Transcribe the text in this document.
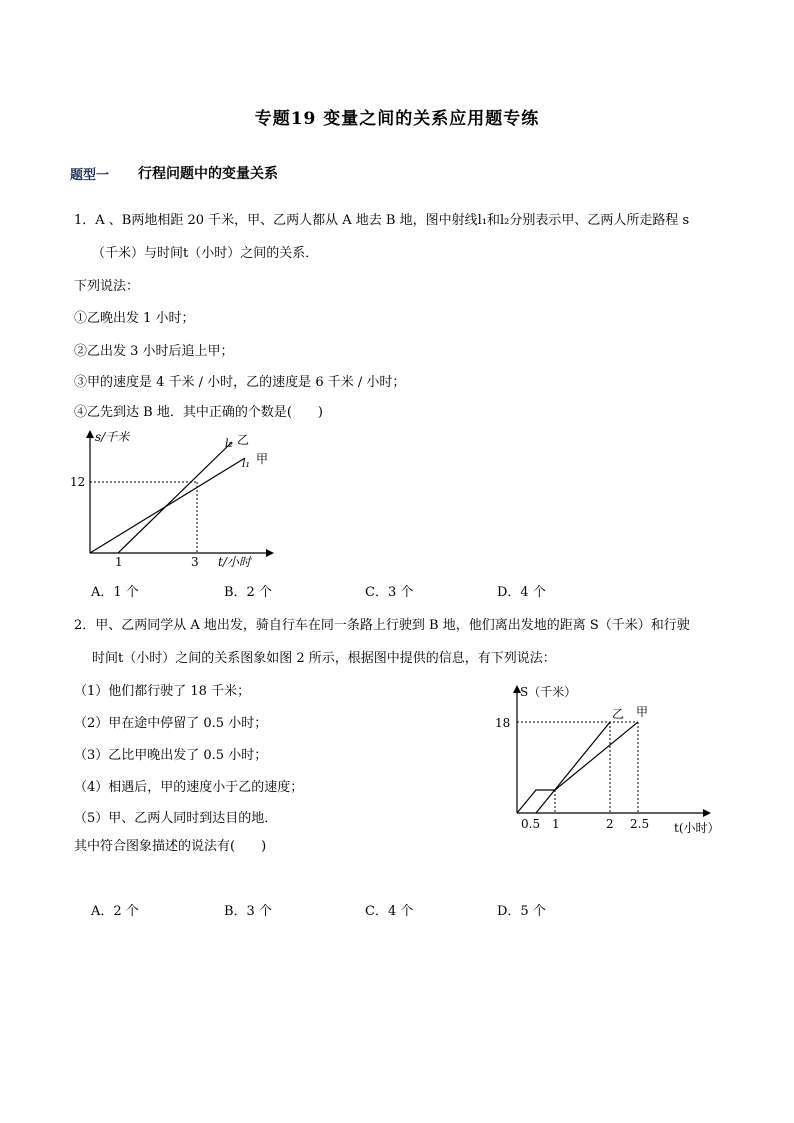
专题19 变量之间的关系应用题专练
题型一 行程问题中的变量关系
1．A 、B两地相距 20 千米，甲、乙两人都从 A 地去 B 地，图中射线l₁和l₂分别表示甲、乙两人所走路程 s
（千米）与时间t（小时）之间的关系．
下列说法：
①乙晚出发 1 小时；
②乙出发 3 小时后追上甲；
③甲的速度是 4 千米 / 小时，乙的速度是 6 千米 / 小时；
④乙先到达 B 地．其中正确的个数是(　　)
s/千米
12
1	3 t/小时
l₂ 乙
l₁ 甲
A．1 个	B．2 个	C．3 个	D．4 个
2．甲、乙两同学从 A 地出发，骑自行车在同一条路上行驶到 B 地，他们离出发地的距离 S（千米）和行驶
时间t（小时）之间的关系图象如图 2 所示，根据图中提供的信息，有下列说法：
（1）他们都行驶了 18 千米；
（2）甲在途中停留了 0.5 小时；
（3）乙比甲晚出发了 0.5 小时；
（4）相遇后，甲的速度小于乙的速度；
（5）甲、乙两人同时到达目的地．
其中符合图象描述的说法有(　　)
S（千米）
18
0.5 1	2 2.5 t(小时）
乙 甲
A．2 个	B．3 个	C．4 个	D．5 个
